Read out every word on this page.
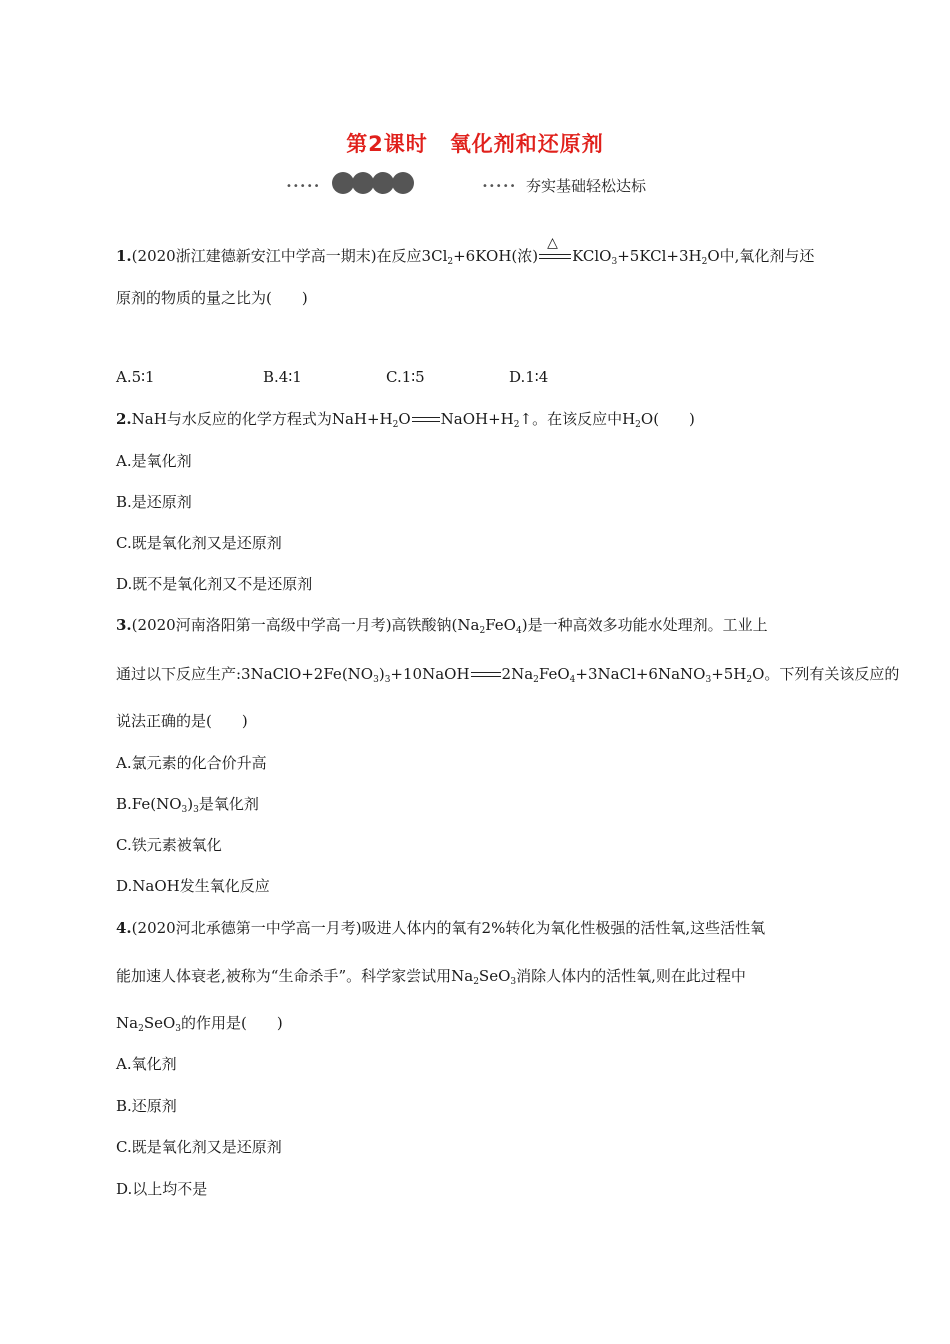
第2课时 氧化剂和还原剂
•••••	••••• 夯实基础轻松达标
1.(2020浙江建德新安江中学高一期末)在反应$3Cl_2+6KOH$(浓)
△
$KClO_3+5KCl+3H_2O$中,氧化剂与还
原剂的物质的量之比为(　　)
A.5∶1	B.4∶1	C.1∶5	D.1∶4
2.NaH与水反应的化学方程式为$NaH+H_2O$ $NaOH+H_2↑$。在该反应中$H_2O$(　　)
A.是氧化剂
B.是还原剂
C.既是氧化剂又是还原剂
D.既不是氧化剂又不是还原剂
3.(2020河南洛阳第一高级中学高一月考)高铁酸钠$(Na_2FeO_4)$是一种高效多功能水处理剂。工业上
通过以下反应生产$:3NaClO+2Fe(NO_3)_3+10NaOH$ $2Na_2FeO_4+3NaCl+6NaNO_3+5H_2O$。下列有关该反应的
说法正确的是(　　)
A.氯元素的化合价升高
$B.Fe(NO_3)_3$是氧化剂
C.铁元素被氧化
D.NaOH发生氧化反应
4.(2020河北承德第一中学高一月考)吸进人体内的氧有2%转化为氧化性极强的活性氧,这些活性氧
能加速人体衰老,被称为“生命杀手”。科学家尝试用$Na_2SeO_3$消除人体内的活性氧,则在此过程中
$Na_2SeO_3$的作用是(　　)
A.氧化剂
B.还原剂
C.既是氧化剂又是还原剂
D.以上均不是
